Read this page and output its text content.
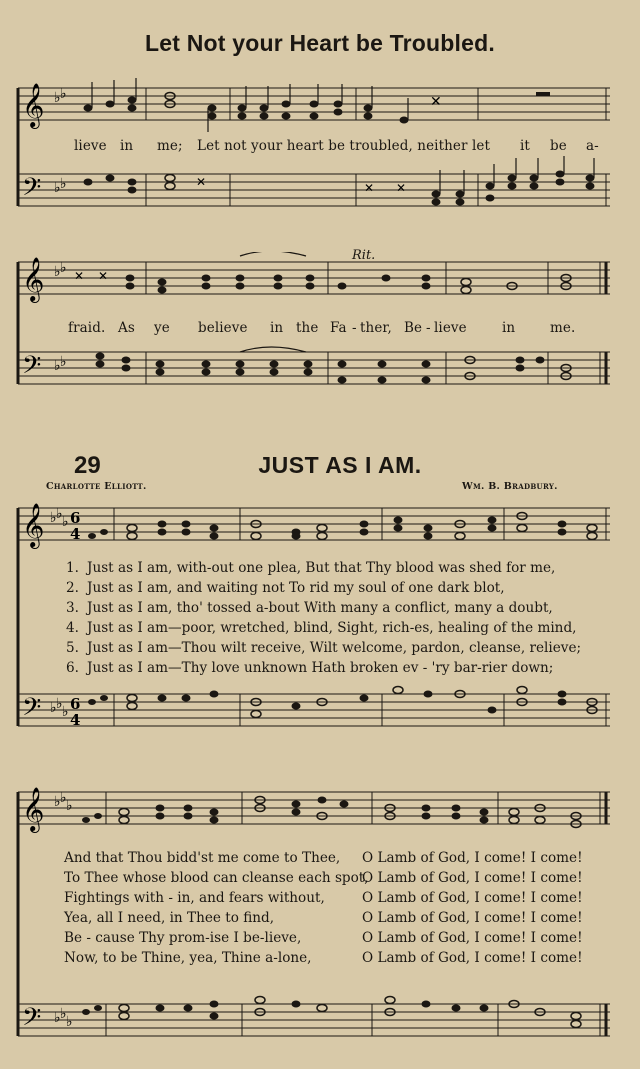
Let Not your Heart be Troubled.
𝄞
𝄢
♭ ♭
♭ ♭
✕
✕	✕ ✕
lieve in me; Let not your heart be troubled, neither let it be a-
𝄞
𝄢
♭ ♭
♭ ♭
✕ ✕
Rit.
fraid. As ye believe in the Fa - ther, Be - lieve	in	me.
29	JUST AS I AM.
Charlotte Elliott.	Wm. B. Bradbury.
𝄞
𝄢
♭ ♭ ♭
♭ ♭ ♭
6
4
6
4
1. Just as I am, with-out one plea, But that Thy blood was shed for me,
2. Just as I am, and waiting not To rid my soul of one dark blot,
3. Just as I am, tho' tossed a-bout With many a conflict, many a doubt,
4. Just as I am—poor, wretched, blind, Sight, rich-es, healing of the mind,
5. Just as I am—Thou wilt receive, Wilt welcome, pardon, cleanse, relieve;
6. Just as I am—Thy love unknown Hath broken ev - 'ry bar-rier down;
𝄞
𝄢
♭ ♭ ♭
♭ ♭ ♭
And that Thou bidd'st me come to Thee,
To Thee whose blood can cleanse each spot,
Fightings with - in, and fears without,
Yea, all I need, in Thee to find,
Be - cause Thy prom-ise I be-lieve,
Now, to be Thine, yea, Thine a-lone,
O Lamb of God, I come! I come!
O Lamb of God, I come! I come!
O Lamb of God, I come! I come!
O Lamb of God, I come! I come!
O Lamb of God, I come! I come!
O Lamb of God, I come! I come!
